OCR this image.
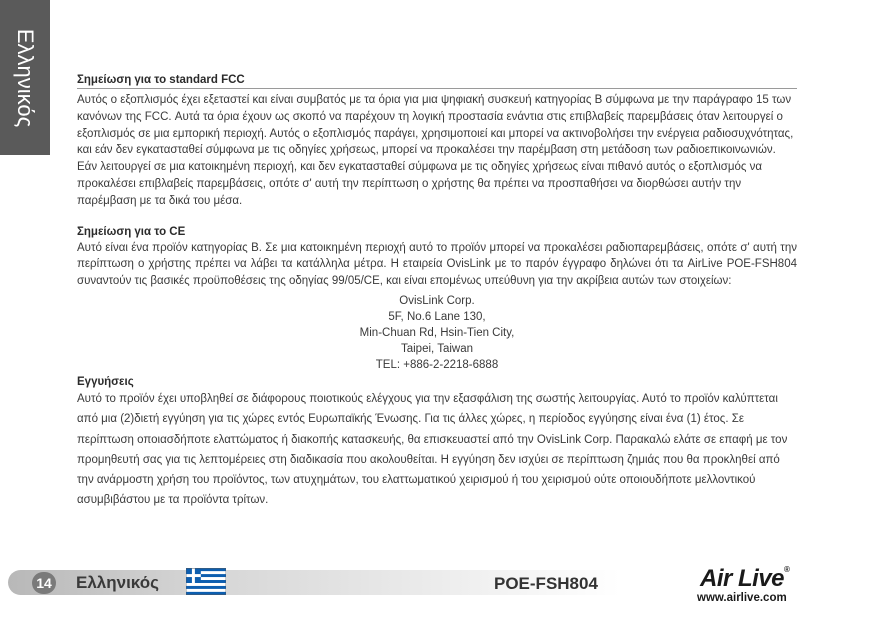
Ελληνικός	Σημείωση για το standard FCC

Αυτός ο εξοπλισμός έχει εξεταστεί και είναι συμβατός με τα όρια για μια ψηφιακή συσκευή κατηγορίας B σύμφωνα με την παράγραφο 15 των κανόνων της FCC. Αυτά τα όρια έχουν ως σκοπό να παρέχουν τη λογική προστασία ενάντια στις επιβλαβείς παρεμβάσεις όταν λειτουργεί ο εξοπλισμός σε μια εμπορική περιοχή. Αυτός ο εξοπλισμός παράγει, χρησιμοποιεί και μπορεί να ακτινοβολήσει την ενέργεια ραδιοσυχνότητας, και εάν δεν εγκατασταθεί σύμφωνα με τις οδηγίες χρήσεως, μπορεί να προκαλέσει την παρέμβαση στη μετάδοση των ραδιοεπικοινωνιών. Εάν λειτουργεί σε μια κατοικημένη περιοχή, και δεν εγκατασταθεί σύμφωνα με τις οδηγίες χρήσεως είναι πιθανό αυτός ο εξοπλισμός να προκαλέσει επιβλαβείς παρεμβάσεις, οπότε σ' αυτή την περίπτωση ο χρήστης θα πρέπει να προσπαθήσει να διορθώσει αυτήν την παρέμβαση με τα δικά του μέσα.

Σημείωση για το CE

Αυτό είναι ένα προϊόν κατηγορίας B. Σε μια κατοικημένη περιοχή αυτό το προϊόν μπορεί να προκαλέσει ραδιοπαρεμβάσεις, οπότε σ' αυτή την περίπτωση ο χρήστης πρέπει να λάβει τα κατάλληλα μέτρα. Η εταιρεία OvisLink με το παρόν έγγραφο δηλώνει ότι τα AirLive POE-FSH804 συναντούν τις βασικές προϋποθέσεις της οδηγίας 99/05/CE, και είναι επομένως υπεύθυνη για την ακρίβεια αυτών των στοιχείων:

OvisLink Corp.
5F, No.6 Lane 130,
Min-Chuan Rd, Hsin-Tien City,
Taipei, Taiwan
TEL: +886-2-2218-6888
Εγγυήσεις

Αυτό το προϊόν έχει υποβληθεί σε διάφορους ποιοτικούς ελέγχους για την εξασφάλιση της σωστής λειτουργίας. Αυτό το προϊόν καλύπτεται από μια (2)διετή εγγύηση για τις χώρες εντός Ευρωπαϊκής Ένωσης. Για τις άλλες χώρες, η περίοδος εγγύησης είναι ένα (1) έτος. Σε περίπτωση οποιασδήποτε ελαττώματος ή διακοπής κατασκευής, θα επισκευαστεί από την OvisLink Corp. Παρακαλώ ελάτε σε επαφή με τον προμηθευτή σας για τις λεπτομέρειες στη διαδικασία που ακολουθείται. Η εγγύηση δεν ισχύει σε περίπτωση ζημιάς που θα προκληθεί από την ανάρμοστη χρήση του προϊόντος, των ατυχημάτων, του ελαττωματικού χειρισμού ή του χειρισμού ούτε οποιουδήποτε μελλοντικού ασυμβιβάστου με τα προϊόντα τρίτων.

14 Ελληνικός	POE-FSH804	Air Live®
www.airlive.com
